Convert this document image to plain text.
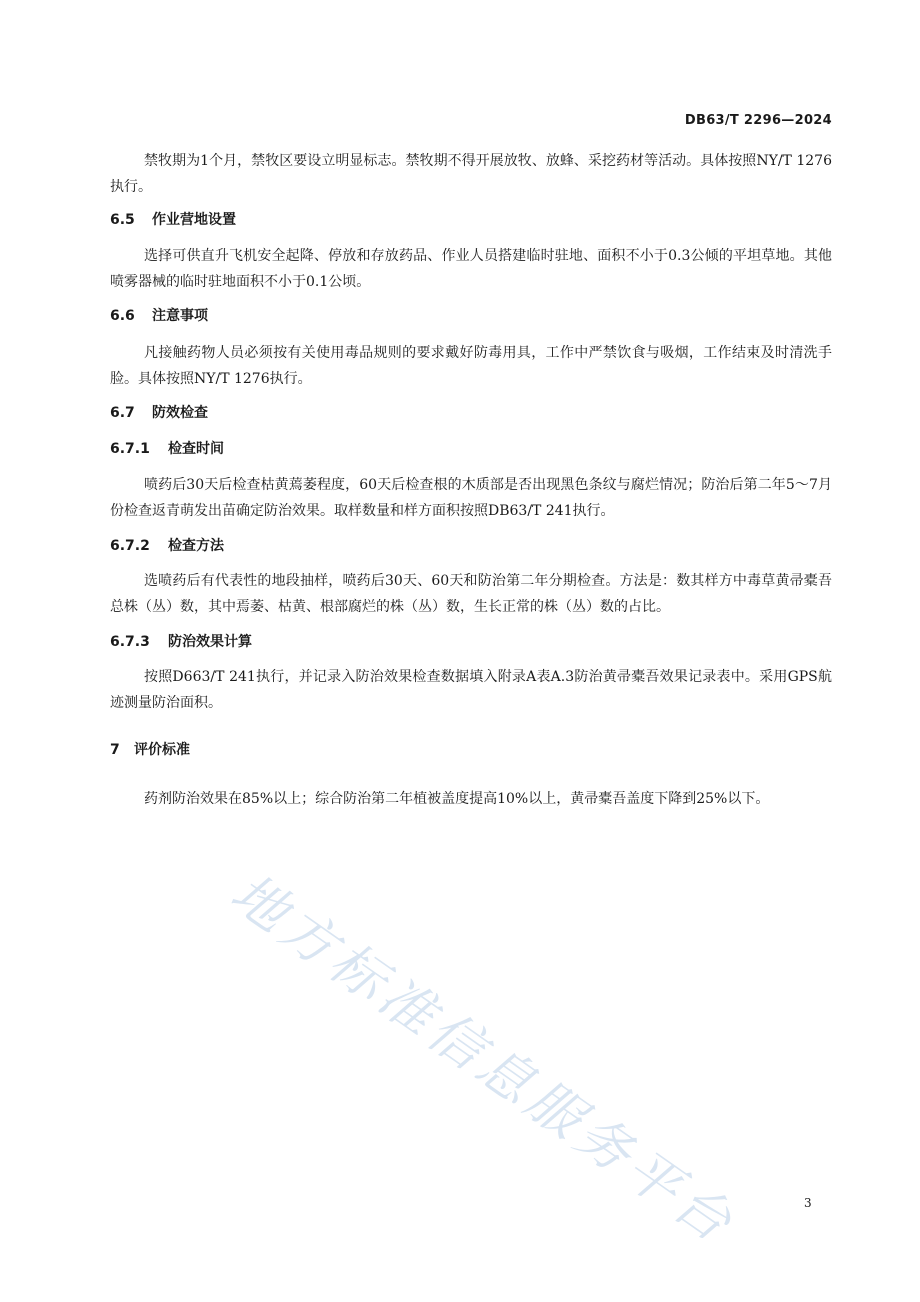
DB63/T 2296—2024

禁牧期为1个月，禁牧区要设立明显标志。禁牧期不得开展放牧、放蜂、采挖药材等活动。具体按照NY/T 1276执行。

6.5 作业营地设置

选择可供直升飞机安全起降、停放和存放药品、作业人员搭建临时驻地、面积不小于0.3公倾的平坦草地。其他喷雾器械的临时驻地面积不小于0.1公顷。

6.6 注意事项

凡接触药物人员必须按有关使用毒品规则的要求戴好防毒用具，工作中严禁饮食与吸烟，工作结束及时清洗手脸。具体按照NY/T 1276执行。

6.7 防效检查
6.7.1 检查时间

喷药后30天后检查枯黄蔫萎程度，60天后检查根的木质部是否出现黑色条纹与腐烂情况；防治后第二年5～7月份检查返青萌发出苗确定防治效果。取样数量和样方面积按照DB63/T 241执行。

6.7.2 检查方法

选喷药后有代表性的地段抽样，喷药后30天、60天和防治第二年分期检查。方法是：数其样方中毒草黄帚橐吾总株（丛）数，其中焉萎、枯黄、根部腐烂的株（丛）数，生长正常的株（丛）数的占比。

6.7.3 防治效果计算

按照D663/T 241执行，并记录入防治效果检查数据填入附录A表A.3防治黄帚橐吾效果记录表中。采用GPS航迹测量防治面积。

7 评价标准

药剂防治效果在85%以上；综合防治第二年植被盖度提高10%以上，黄帚橐吾盖度下降到25%以下。

地方标准信息服务平台	3
